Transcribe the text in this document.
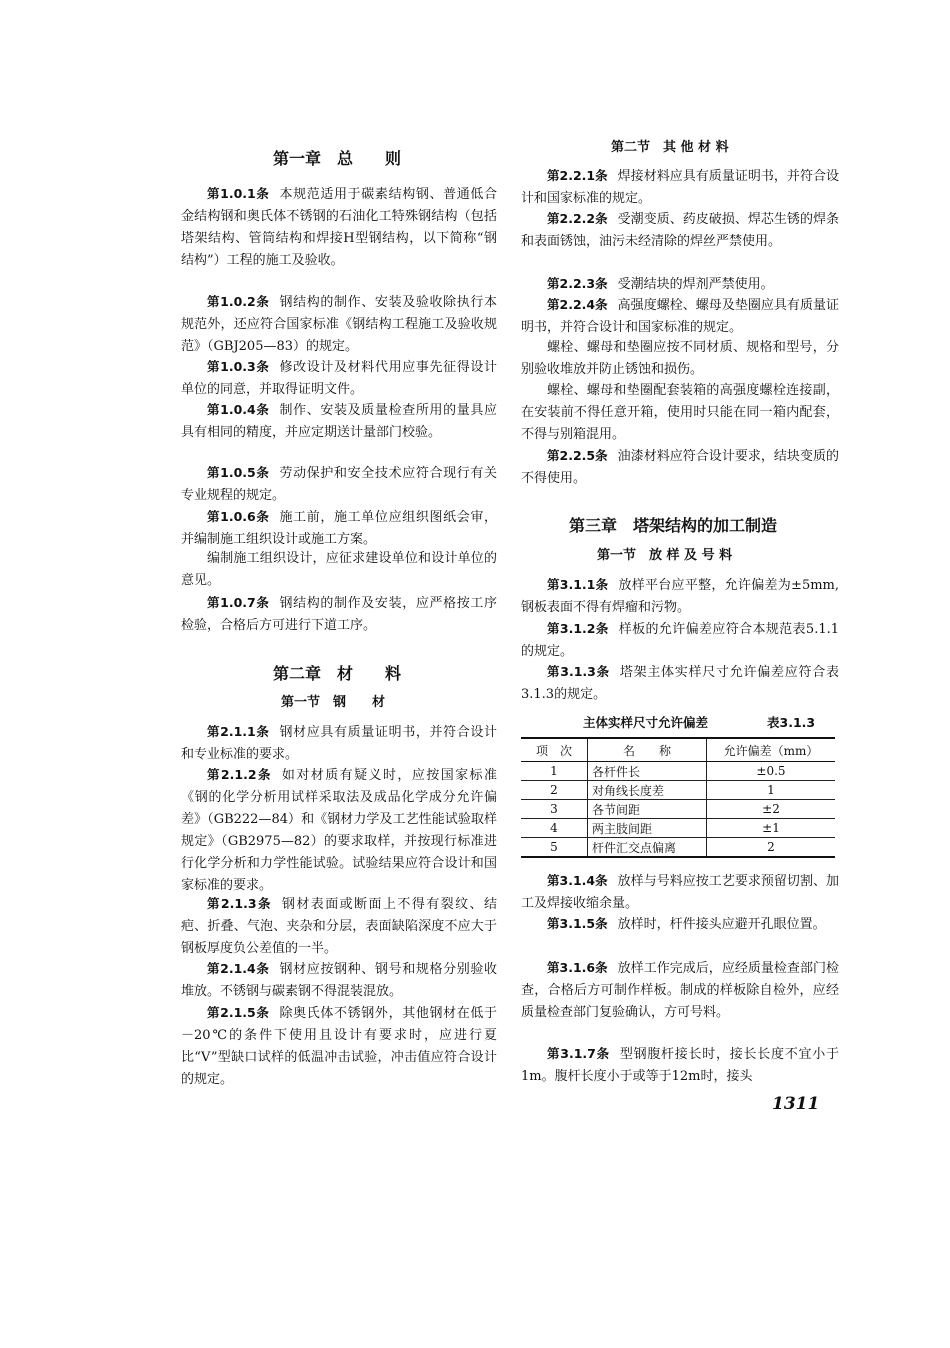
第一章　总　　则

第1.0.1条 本规范适用于碳素结构钢、普通低合金结构钢和奥氏体不锈钢的石油化工特殊钢结构（包括塔架结构、管筒结构和焊接H型钢结构，以下简称“钢结构”）工程的施工及验收。

第1.0.2条 钢结构的制作、安装及验收除执行本规范外，还应符合国家标准《钢结构工程施工及验收规范》（GBJ205—83）的规定。

第1.0.3条 修改设计及材料代用应事先征得设计单位的同意，并取得证明文件。

第1.0.4条 制作、安装及质量检查所用的量具应具有相同的精度，并应定期送计量部门校验。

第1.0.5条 劳动保护和安全技术应符合现行有关专业规程的规定。

第1.0.6条 施工前，施工单位应组织图纸会审，并编制施工组织设计或施工方案。

编制施工组织设计，应征求建设单位和设计单位的意见。

第1.0.7条 钢结构的制作及安装，应严格按工序检验，合格后方可进行下道工序。

第二章　材　　料
第一节　钢　　材

第2.1.1条 钢材应具有质量证明书，并符合设计和专业标准的要求。

第2.1.2条 如对材质有疑义时，应按国家标准《钢的化学分析用试样采取法及成品化学成分允许偏差》（GB222—84）和《钢材力学及工艺性能试验取样规定》（GB2975—82）的要求取样，并按现行标准进行化学分析和力学性能试验。试验结果应符合设计和国家标准的要求。

第2.1.3条 钢材表面或断面上不得有裂纹、结疤、折叠、气泡、夹杂和分层，表面缺陷深度不应大于钢板厚度负公差值的一半。

第2.1.4条 钢材应按钢种、钢号和规格分别验收堆放。不锈钢与碳素钢不得混装混放。

第2.1.5条 除奥氏体不锈钢外，其他钢材在低于－20℃的条件下使用且设计有要求时，应进行夏比“V”型缺口试样的低温冲击试验，冲击值应符合设计的规定。

第二节　其 他 材 料

第2.2.1条 焊接材料应具有质量证明书，并符合设计和国家标准的规定。

第2.2.2条 受潮变质、药皮破损、焊芯生锈的焊条和表面锈蚀，油污未经清除的焊丝严禁使用。

第2.2.3条 受潮结块的焊剂严禁使用。

第2.2.4条 高强度螺栓、螺母及垫圈应具有质量证明书，并符合设计和国家标准的规定。

螺栓、螺母和垫圈应按不同材质、规格和型号，分别验收堆放并防止锈蚀和损伤。

螺栓、螺母和垫圈配套装箱的高强度螺栓连接副，在安装前不得任意开箱，使用时只能在同一箱内配套，不得与别箱混用。

第2.2.5条 油漆材料应符合设计要求，结块变质的不得使用。

第三章　塔架结构的加工制造
第一节　放 样 及 号 料

第3.1.1条 放样平台应平整，允许偏差为±5mm,钢板表面不得有焊瘤和污物。

第3.1.2条 样板的允许偏差应符合本规范表5.1.1的规定。

第3.1.3条 塔架主体实样尺寸允许偏差应符合表3.1.3的规定。

主体实样尺寸允许偏差	表3.1.3
项　次	名　　称	允许偏差（mm）
1	各杆件长	±0.5
2	对角线长度差	1
3	各节间距	±2
4	两主肢间距	±1
5	杆件汇交点偏离	2

第3.1.4条 放样与号料应按工艺要求预留切割、加工及焊接收缩余量。

第3.1.5条 放样时，杆件接头应避开孔眼位置。

第3.1.6条 放样工作完成后，应经质量检查部门检查，合格后方可制作样板。制成的样板除自检外，应经质量检查部门复验确认，方可号料。

第3.1.7条 型钢腹杆接长时，接长长度不宜小于1m。腹杆长度小于或等于12m时，接头

1311
